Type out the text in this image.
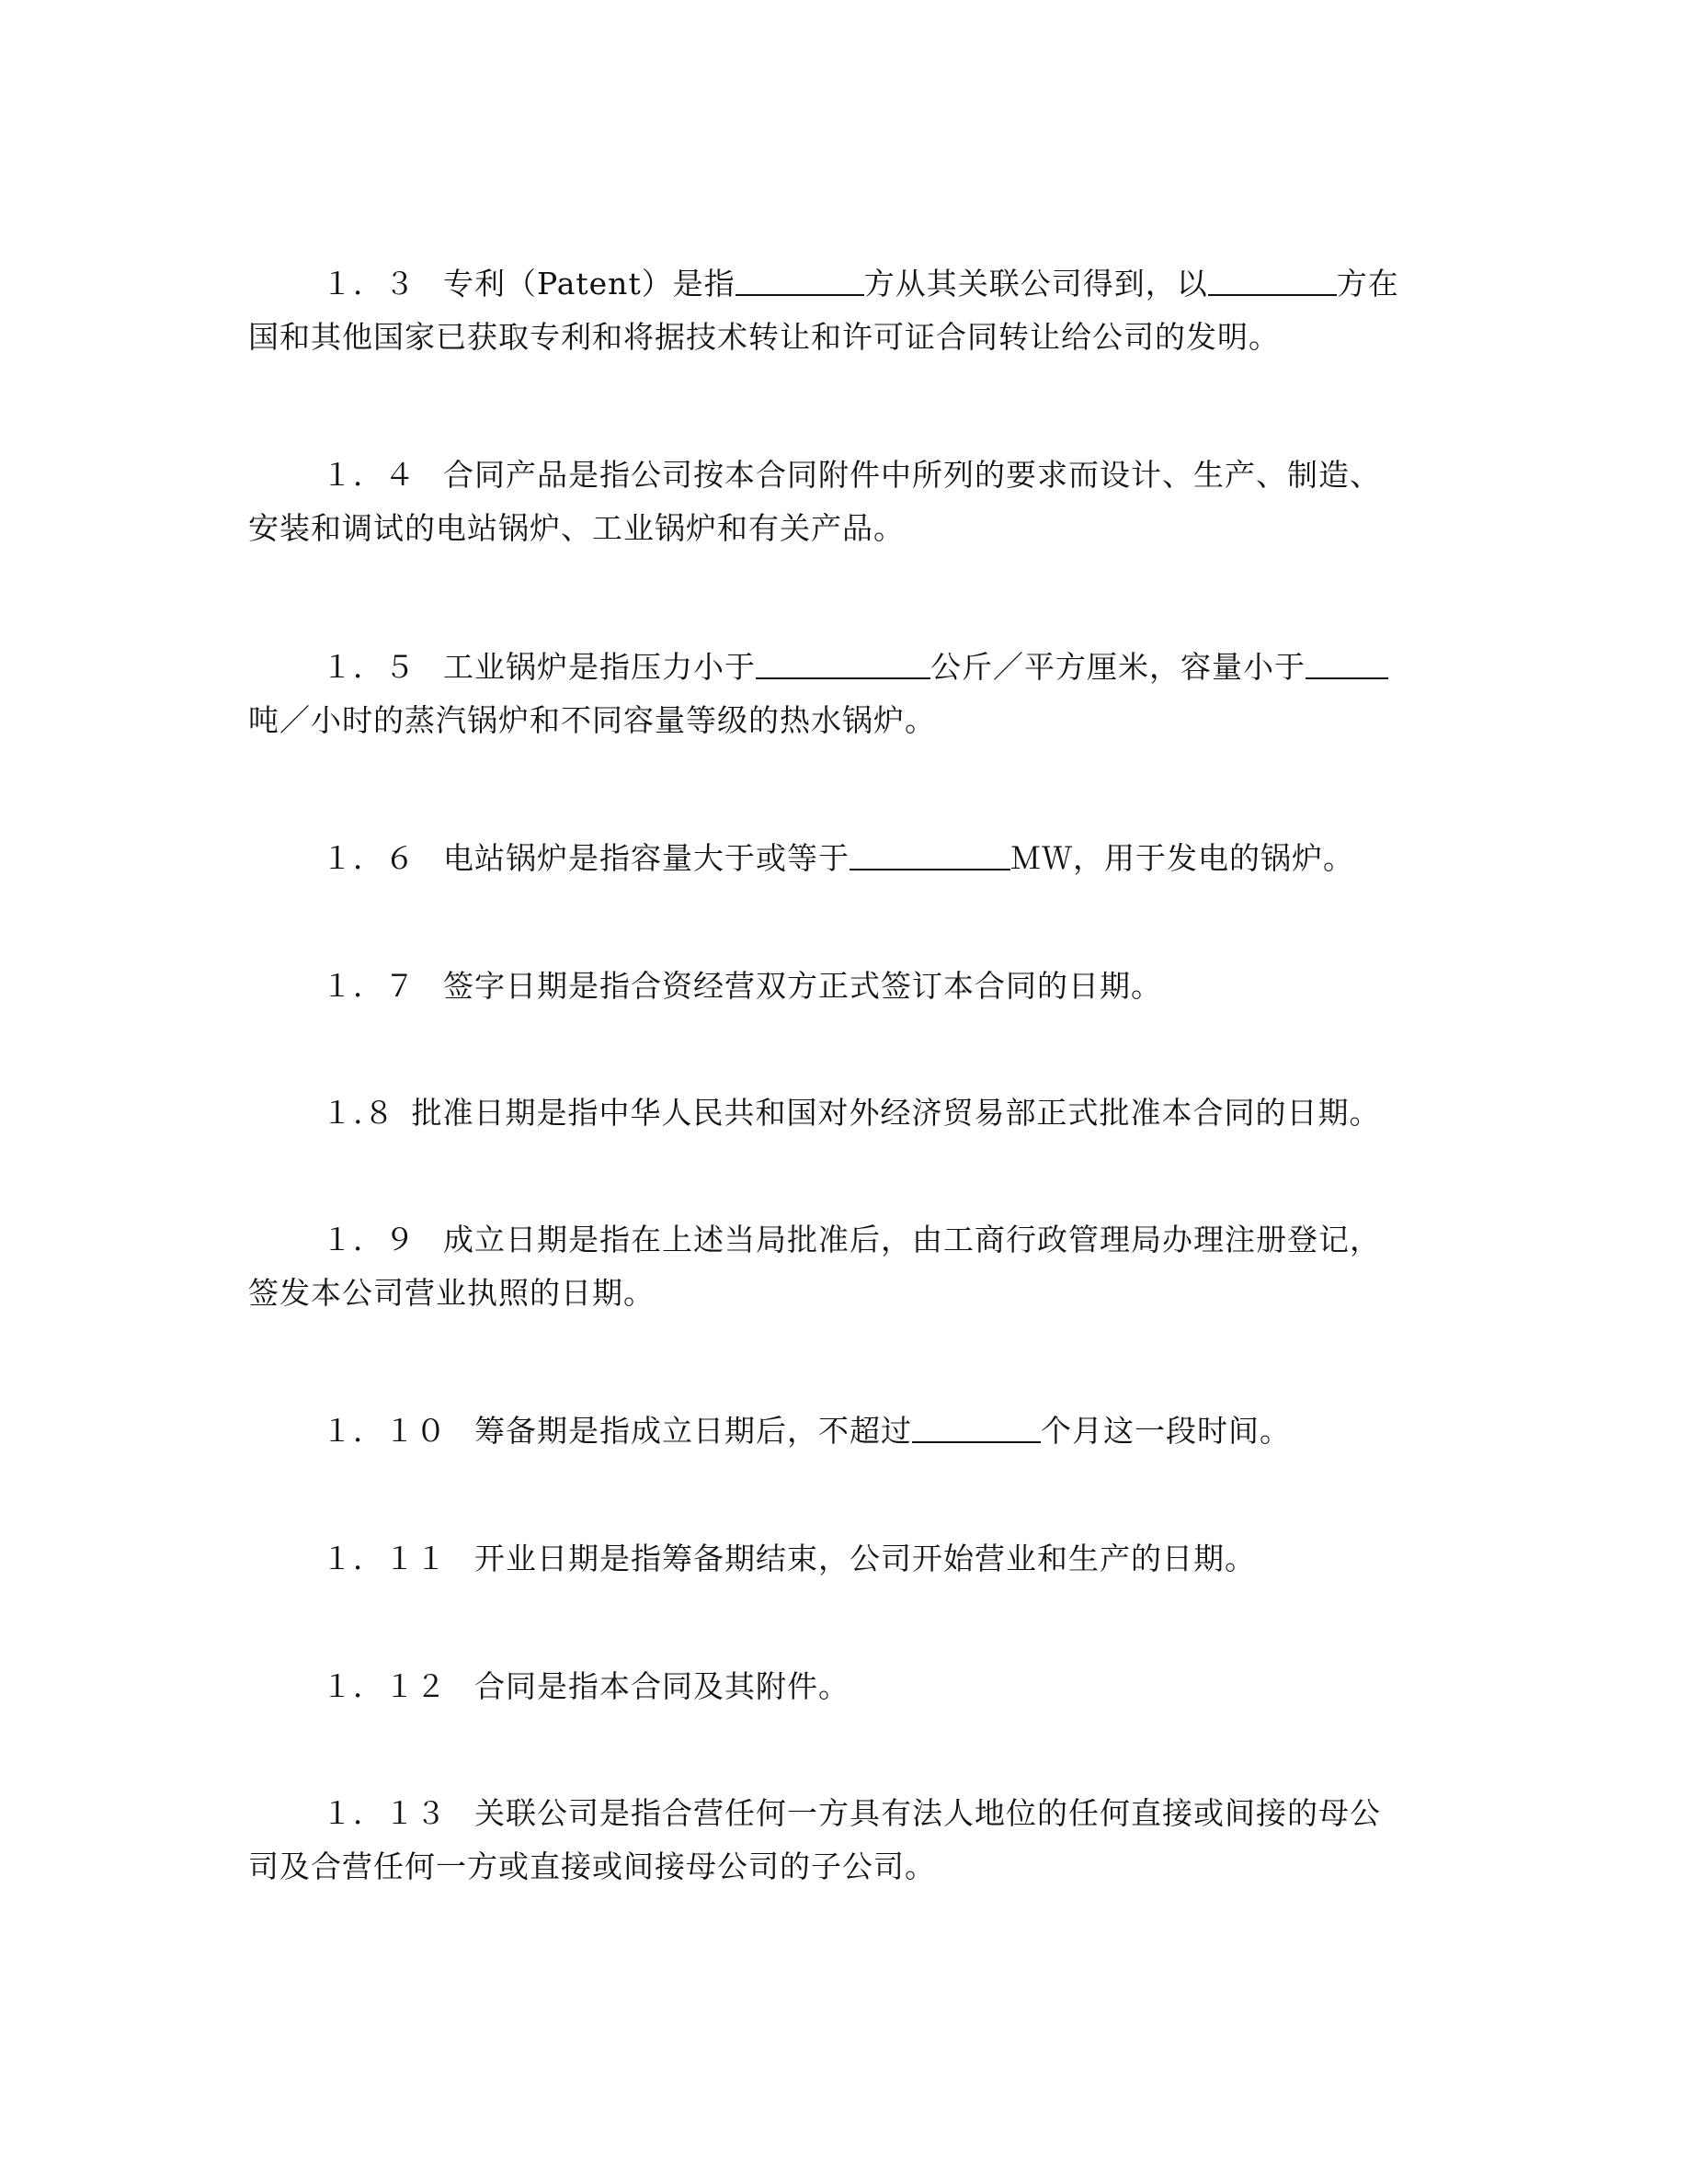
１．３ 专利（Patent）是指	方从其关联公司得到，以	方在
国和其他国家已获取专利和将据技术转让和许可证合同转让给公司的发明。
１．４ 合同产品是指公司按本合同附件中所列的要求而设计、生产、制造、
安装和调试的电站锅炉、工业锅炉和有关产品。
１．５ 工业锅炉是指压力小于	公斤／平方厘米，容量小于
吨／小时的蒸汽锅炉和不同容量等级的热水锅炉。
１．６ 电站锅炉是指容量大于或等于	ＭＷ，用于发电的锅炉。
１．７ 签字日期是指合资经营双方正式签订本合同的日期。
１.８ 批准日期是指中华人民共和国对外经济贸易部正式批准本合同的日期。
１．９ 成立日期是指在上述当局批准后，由工商行政管理局办理注册登记，
签发本公司营业执照的日期。
１．１０ 筹备期是指成立日期后，不超过	个月这一段时间。
１．１１ 开业日期是指筹备期结束，公司开始营业和生产的日期。
１．１２ 合同是指本合同及其附件。
１．１３ 关联公司是指合营任何一方具有法人地位的任何直接或间接的母公
司及合营任何一方或直接或间接母公司的子公司。
